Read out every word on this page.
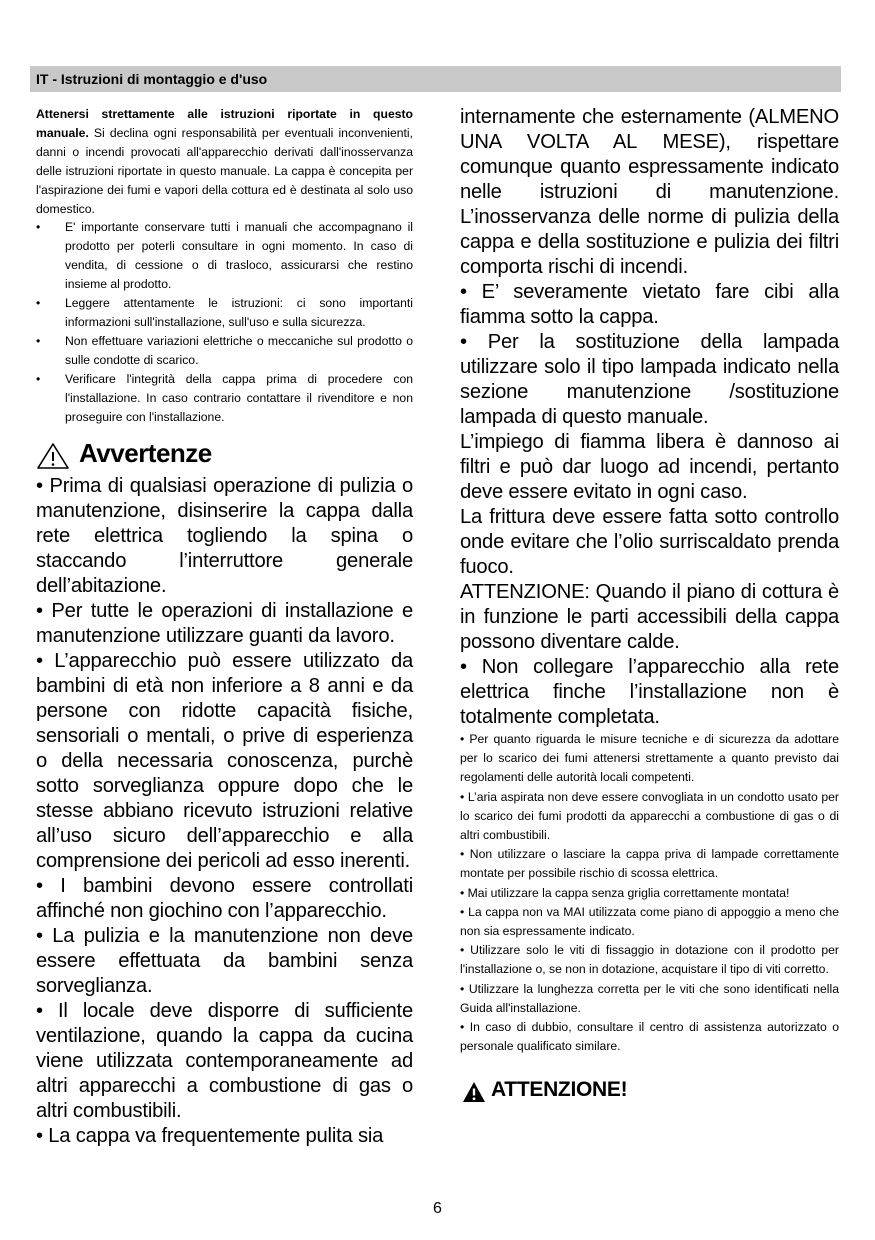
IT - Istruzioni di montaggio e d'uso

Attenersi strettamente alle istruzioni riportate in questo manuale. Si declina ogni responsabilità per eventuali inconvenienti, danni o incendi provocati all'apparecchio derivati dall'inosservanza delle istruzioni riportate in questo manuale. La cappa è concepita per l'aspirazione dei fumi e vapori della cottura ed è destinata al solo uso domestico.

• E' importante conservare tutti i manuali che accompagnano il prodotto per poterli consultare in ogni momento. In caso di vendita, di cessione o di trasloco, assicurarsi che restino insieme al prodotto.
• Leggere attentamente le istruzioni: ci sono importanti informazioni sull'installazione, sull'uso e sulla sicurezza.
• Non effettuare variazioni elettriche o meccaniche sul prodotto o sulle condotte di scarico.
• Verificare l'integrità della cappa prima di procedere con l'installazione. In caso contrario contattare il rivenditore e non proseguire con l'installazione.
Avvertenze

• Prima di qualsiasi operazione di pulizia o manutenzione, disinserire la cappa dalla rete elettrica togliendo la spina o staccando l’interruttore generale dell’abitazione.

• Per tutte le operazioni di installazione e manutenzione utilizzare guanti da lavoro.

• L’apparecchio può essere utilizzato da bambini di età non inferiore a 8 anni e da persone con ridotte capacità fisiche, sensoriali o mentali, o prive di esperienza o della necessaria conoscenza, purchè sotto sorveglianza oppure dopo che le stesse abbiano ricevuto istruzioni relative all’uso sicuro dell’apparecchio e alla comprensione dei pericoli ad esso inerenti.

• I bambini devono essere controllati affinché non giochino con l’apparecchio.

• La pulizia e la manutenzione non deve essere effettuata da bambini senza sorveglianza.

• Il locale deve disporre di sufficiente ventilazione, quando la cappa da cucina viene utilizzata contemporaneamente ad altri apparecchi a combustione di gas o altri combustibili.

• La cappa va frequentemente pulita sia

internamente che esternamente (ALMENO UNA VOLTA AL MESE), rispettare comunque quanto espressamente indicato nelle istruzioni di manutenzione. L’inosservanza delle norme di pulizia della cappa e della sostituzione e pulizia dei filtri comporta rischi di incendi.

• E’ severamente vietato fare cibi alla fiamma sotto la cappa.

• Per la sostituzione della lampada utilizzare solo il tipo lampada indicato nella sezione manutenzione /sostituzione lampada di questo manuale.

L’impiego di fiamma libera è dannoso ai filtri e può dar luogo ad incendi, pertanto deve essere evitato in ogni caso.

La frittura deve essere fatta sotto controllo onde evitare che l’olio surriscaldato prenda fuoco.

ATTENZIONE: Quando il piano di cottura è in funzione le parti accessibili della cappa possono diventare calde.

• Non collegare l’apparecchio alla rete elettrica finche l’installazione non è totalmente completata.

• Per quanto riguarda le misure tecniche e di sicurezza da adottare per lo scarico dei fumi attenersi strettamente a quanto previsto dai regolamenti delle autorità locali competenti.

• L’aria aspirata non deve essere convogliata in un condotto usato per lo scarico dei fumi prodotti da apparecchi a combustione di gas o di altri combustibili.

• Non utilizzare o lasciare la cappa priva di lampade correttamente montate per possibile rischio di scossa elettrica.

• Mai utilizzare la cappa senza griglia correttamente montata!

• La cappa non va MAI utilizzata come piano di appoggio a meno che non sia espressamente indicato.

• Utilizzare solo le viti di fissaggio in dotazione con il prodotto per l'installazione o, se non in dotazione, acquistare il tipo di viti corretto.

• Utilizzare la lunghezza corretta per le viti che sono identificati nella Guida all'installazione.

• In caso di dubbio, consultare il centro di assistenza autorizzato o personale qualificato similare.

ATTENZIONE!
6
